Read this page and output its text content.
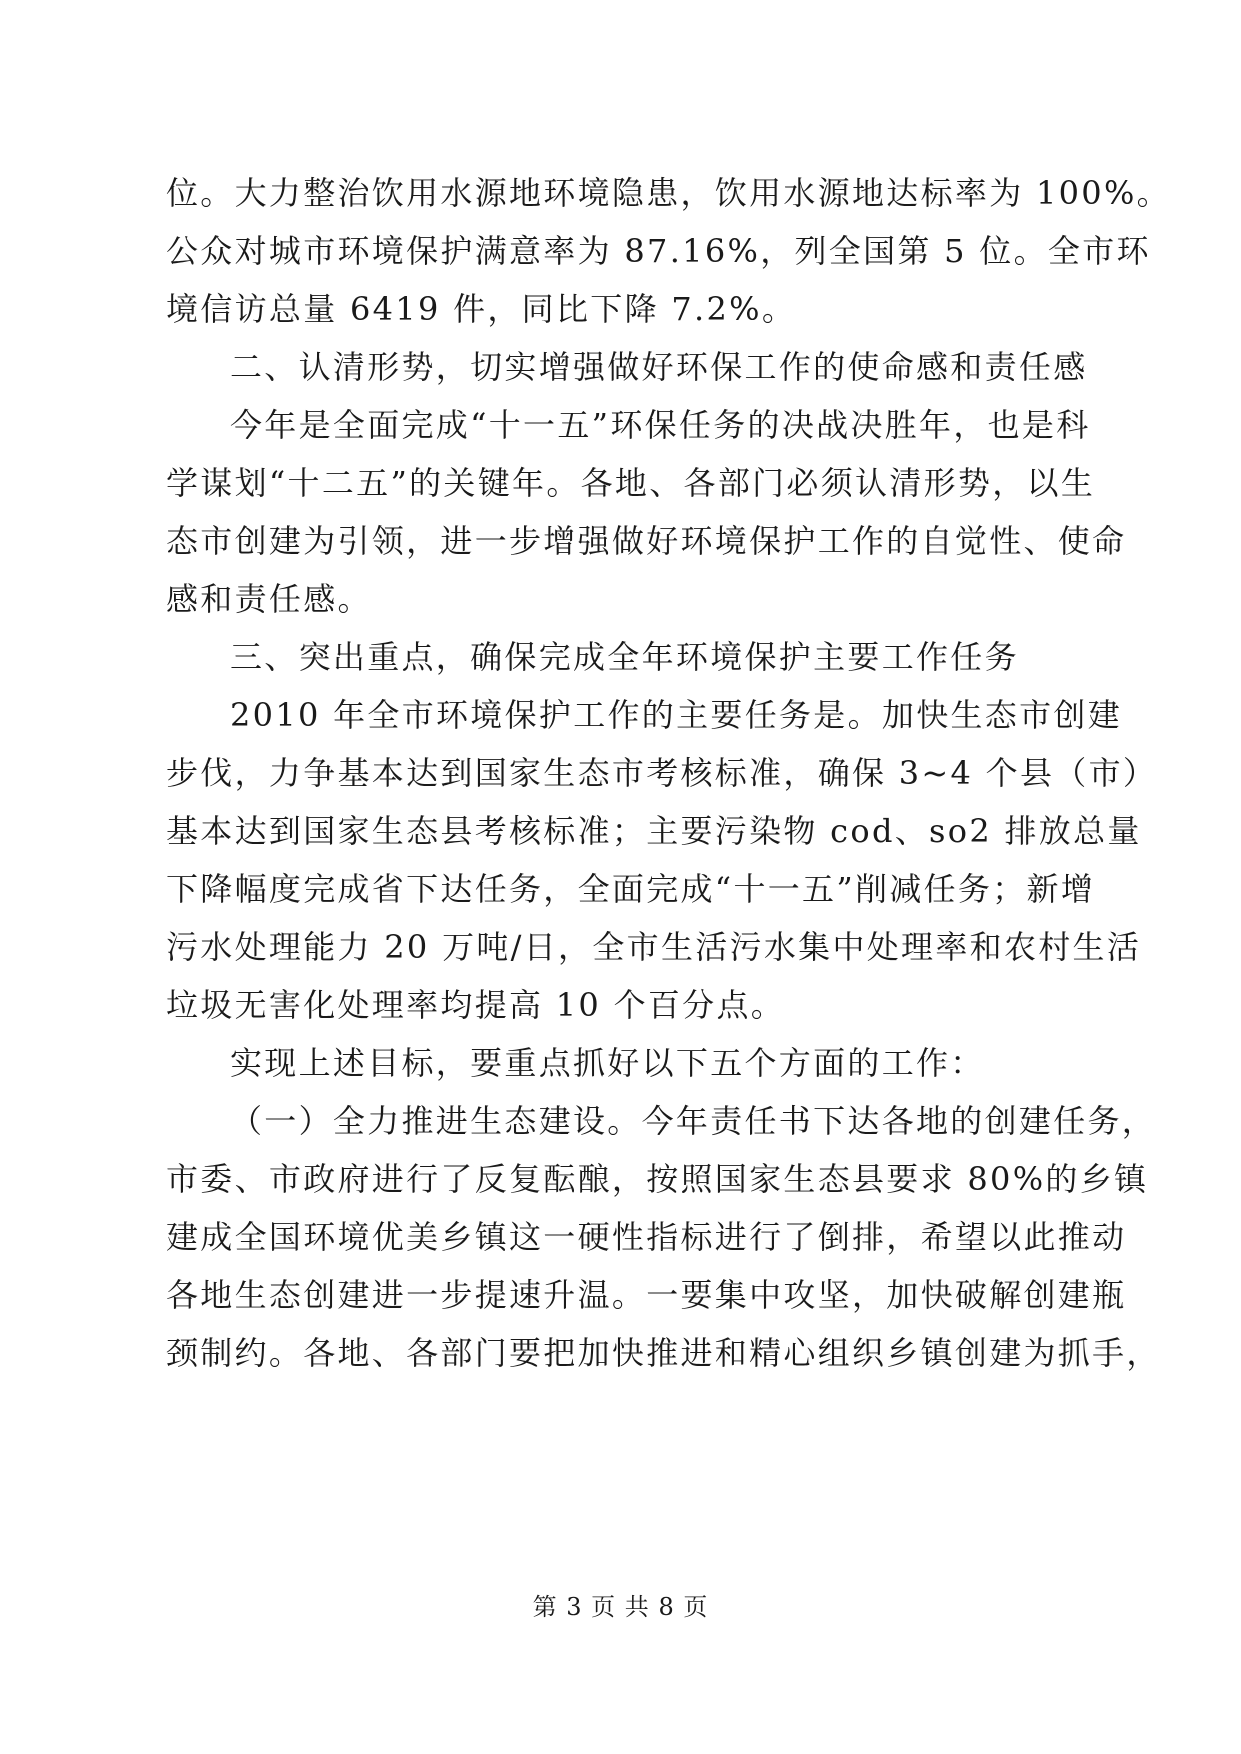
位。大力整治饮用水源地环境隐患，饮用水源地达标率为 100%。
公众对城市环境保护满意率为 87.16%，列全国第 5 位。全市环
境信访总量 6419 件，同比下降 7.2%。
二、认清形势，切实增强做好环保工作的使命感和责任感
今年是全面完成“十一五”环保任务的决战决胜年，也是科
学谋划“十二五”的关键年。各地、各部门必须认清形势，以生
态市创建为引领，进一步增强做好环境保护工作的自觉性、使命
感和责任感。
三、突出重点，确保完成全年环境保护主要工作任务
2010 年全市环境保护工作的主要任务是。加快生态市创建
步伐，力争基本达到国家生态市考核标准，确保 3~4 个县（市）
基本达到国家生态县考核标准；主要污染物 cod、so2 排放总量
下降幅度完成省下达任务，全面完成“十一五”削减任务；新增
污水处理能力 20 万吨/日，全市生活污水集中处理率和农村生活
垃圾无害化处理率均提高 10 个百分点。
实现上述目标，要重点抓好以下五个方面的工作：
（一）全力推进生态建设。今年责任书下达各地的创建任务，
市委、市政府进行了反复酝酿，按照国家生态县要求 80%的乡镇
建成全国环境优美乡镇这一硬性指标进行了倒排，希望以此推动
各地生态创建进一步提速升温。一要集中攻坚，加快破解创建瓶
颈制约。各地、各部门要把加快推进和精心组织乡镇创建为抓手，
第 3 页 共 8 页
